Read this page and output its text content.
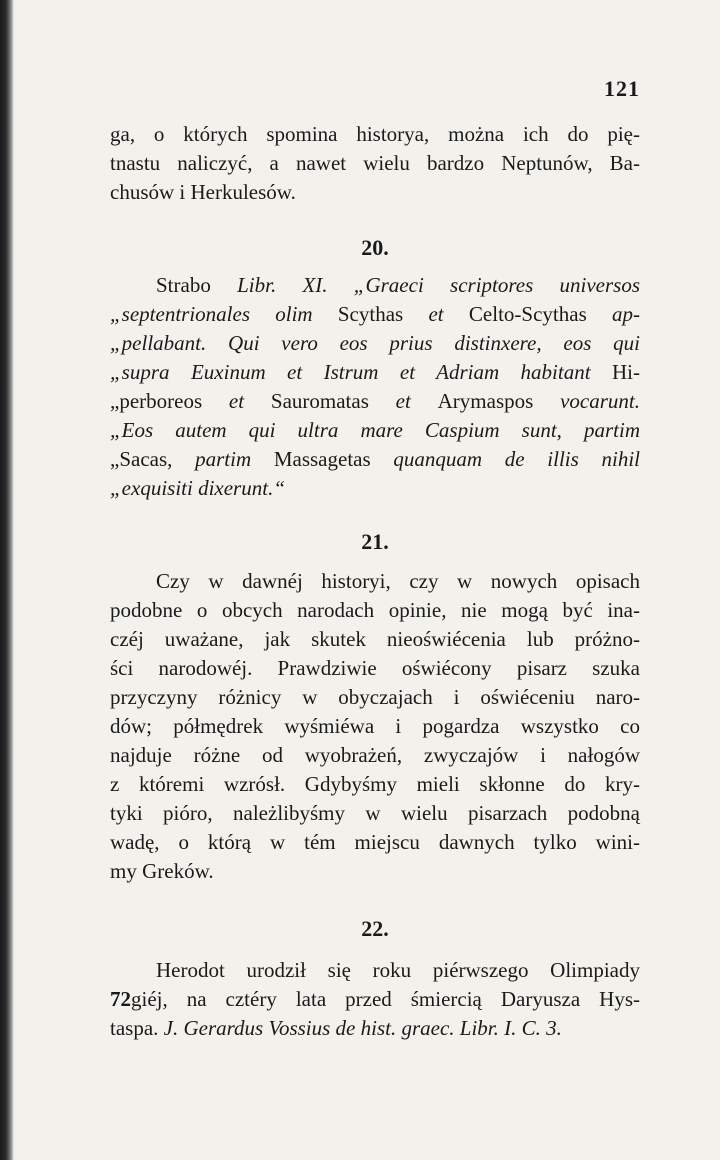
121

ga, o których spomina historya, można ich do pię-
tnastu naliczyć, a nawet wielu bardzo Neptunów, Ba-
chusów i Herkulesów.

20.

Strabo Libr. XI. „Graeci scriptores universos
„septentrionales olim Scythas et Celto-Scythas ap-
„pellabant. Qui vero eos prius distinxere, eos qui
„supra Euxinum et Istrum et Adriam habitant Hi-
„perboreos et Sauromatas et Arymaspos vocarunt.
„Eos autem qui ultra mare Caspium sunt, partim
„Sacas, partim Massagetas quanquam de illis nihil
„exquisiti dixerunt.“

21.

Czy w dawnéj historyi, czy w nowych opisach
podobne o obcych narodach opinie, nie mogą być ina-
czéj uważane, jak skutek nieoświécenia lub próżno-
ści narodowéj. Prawdziwie oświécony pisarz szuka
przyczyny różnicy w obyczajach i oświéceniu naro-
dów; półmędrek wyśmiéwa i pogardza wszystko co
najduje różne od wyobrażeń, zwyczajów i nałogów
z któremi wzrósł. Gdybyśmy mieli skłonne do kry-
tyki pióro, należlibyśmy w wielu pisarzach podobną
wadę, o którą w tém miejscu dawnych tylko wini-
my Greków.

22.

Herodot urodził się roku piérwszego Olimpiady
72giéj, na cztéry lata przed śmiercią Daryusza Hys-
taspa. J. Gerardus Vossius de hist. graec. Libr. I. C. 3.
